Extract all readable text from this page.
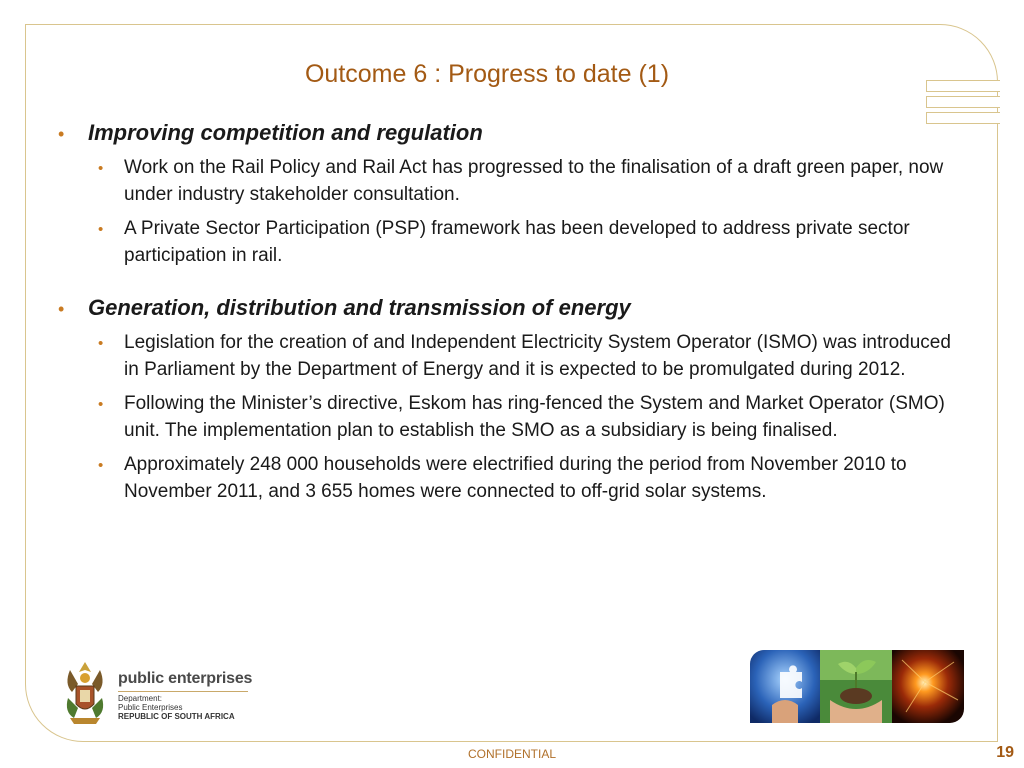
Outcome 6 : Progress to date (1)
•	Improving competition and regulation
•	Work on the Rail Policy and Rail Act has progressed to the finalisation of a draft green paper, now under industry stakeholder consultation.
•	A Private Sector Participation (PSP) framework has been developed to address private sector participation in rail.
•	Generation, distribution and transmission of energy
•	Legislation for the creation of and Independent Electricity System Operator (ISMO) was introduced in Parliament by the Department of Energy and it is expected to be promulgated during 2012.
•	Following the Minister’s directive, Eskom has ring-fenced the System and Market Operator (SMO) unit. The implementation plan to establish the SMO as a subsidiary is being finalised.
•	Approximately 248 000 households were electrified during the period from November 2010 to November 2011, and 3 655 homes were connected to off-grid solar systems.
public enterprises
Department:
Public Enterprises
REPUBLIC OF SOUTH AFRICA
CONFIDENTIAL	19
